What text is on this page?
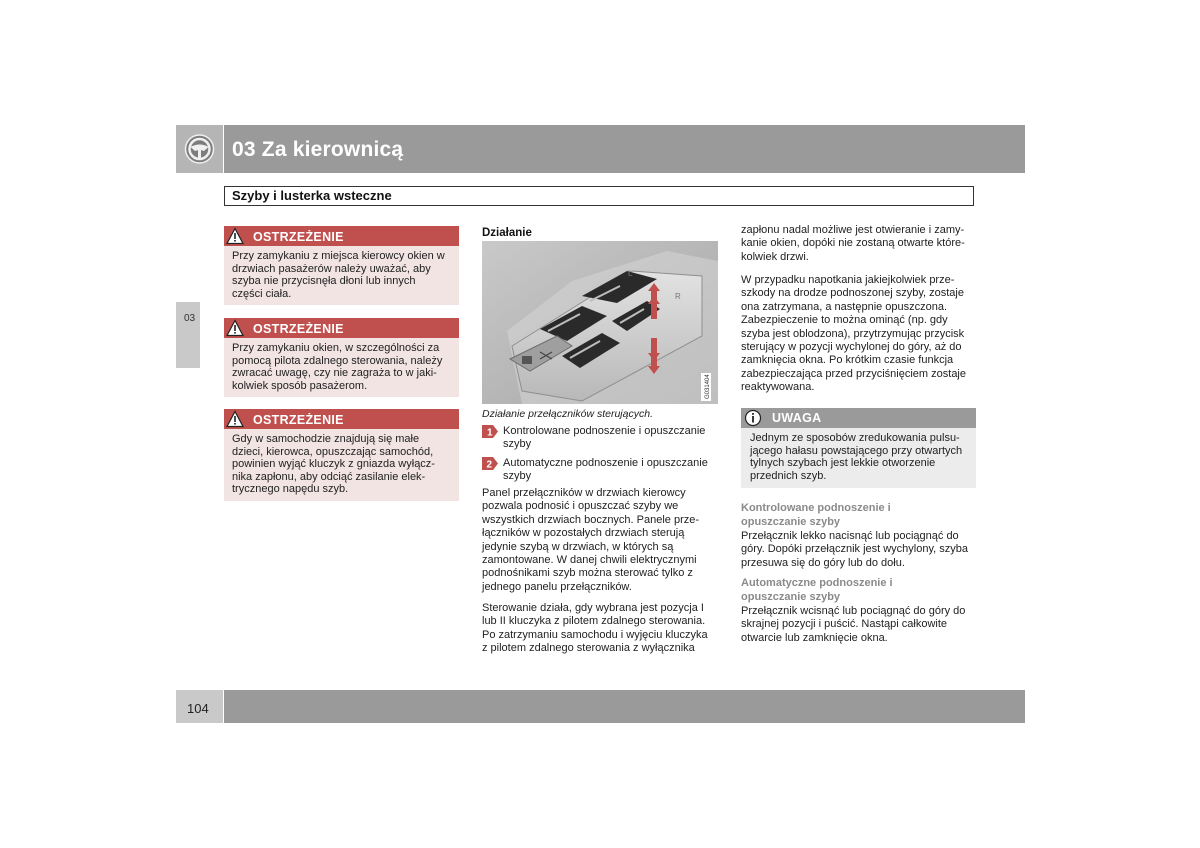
03 Za kierownicą
Szyby i lusterka wsteczne
03
OSTRZEŻENIE
Przy zamykaniu z miejsca kierowcy okien w
drzwiach pasażerów należy uważać, aby
szyba nie przycisnęła dłoni lub innych
części ciała.
OSTRZEŻENIE
Przy zamykaniu okien, w szczególności za
pomocą pilota zdalnego sterowania, należy
zwracać uwagę, czy nie zagraża to w jaki-
kolwiek sposób pasażerom.
OSTRZEŻENIE
Gdy w samochodzie znajdują się małe
dzieci, kierowca, opuszczając samochód,
powinien wyjąć kluczyk z gniazda wyłącz-
nika zapłonu, aby odciąć zasilanie elek-
trycznego napędu szyb.
Działanie
L
R
G031404
Działanie przełączników sterujących.
1 Kontrolowane podnoszenie i opuszczanie
szyby
2 Automatyczne podnoszenie i opuszczanie
szyby
Panel przełączników w drzwiach kierowcy
pozwala podnosić i opuszczać szyby we
wszystkich drzwiach bocznych. Panele prze-
łączników w pozostałych drzwiach sterują
jedynie szybą w drzwiach, w których są
zamontowane. W danej chwili elektrycznymi
podnośnikami szyb można sterować tylko z
jednego panelu przełączników.
Sterowanie działa, gdy wybrana jest pozycja I
lub II kluczyka z pilotem zdalnego sterowania.
Po zatrzymaniu samochodu i wyjęciu kluczyka
z pilotem zdalnego sterowania z wyłącznika
zapłonu nadal możliwe jest otwieranie i zamy-
kanie okien, dopóki nie zostaną otwarte które-
kolwiek drzwi.
W przypadku napotkania jakiejkolwiek prze-
szkody na drodze podnoszonej szyby, zostaje
ona zatrzymana, a następnie opuszczona.
Zabezpieczenie to można ominąć (np. gdy
szyba jest oblodzona), przytrzymując przycisk
sterujący w pozycji wychylonej do góry, aż do
zamknięcia okna. Po krótkim czasie funkcja
zabezpieczająca przed przyciśnięciem zostaje
reaktywowana.
UWAGA
Jednym ze sposobów zredukowania pulsu-
jącego hałasu powstającego przy otwartych
tylnych szybach jest lekkie otworzenie
przednich szyb.
Kontrolowane podnoszenie i
opuszczanie szyby
Przełącznik lekko nacisnąć lub pociągnąć do
góry. Dopóki przełącznik jest wychylony, szyba
przesuwa się do góry lub do dołu.
Automatyczne podnoszenie i
opuszczanie szyby
Przełącznik wcisnąć lub pociągnąć do góry do
skrajnej pozycji i puścić. Nastąpi całkowite
otwarcie lub zamknięcie okna.
104
